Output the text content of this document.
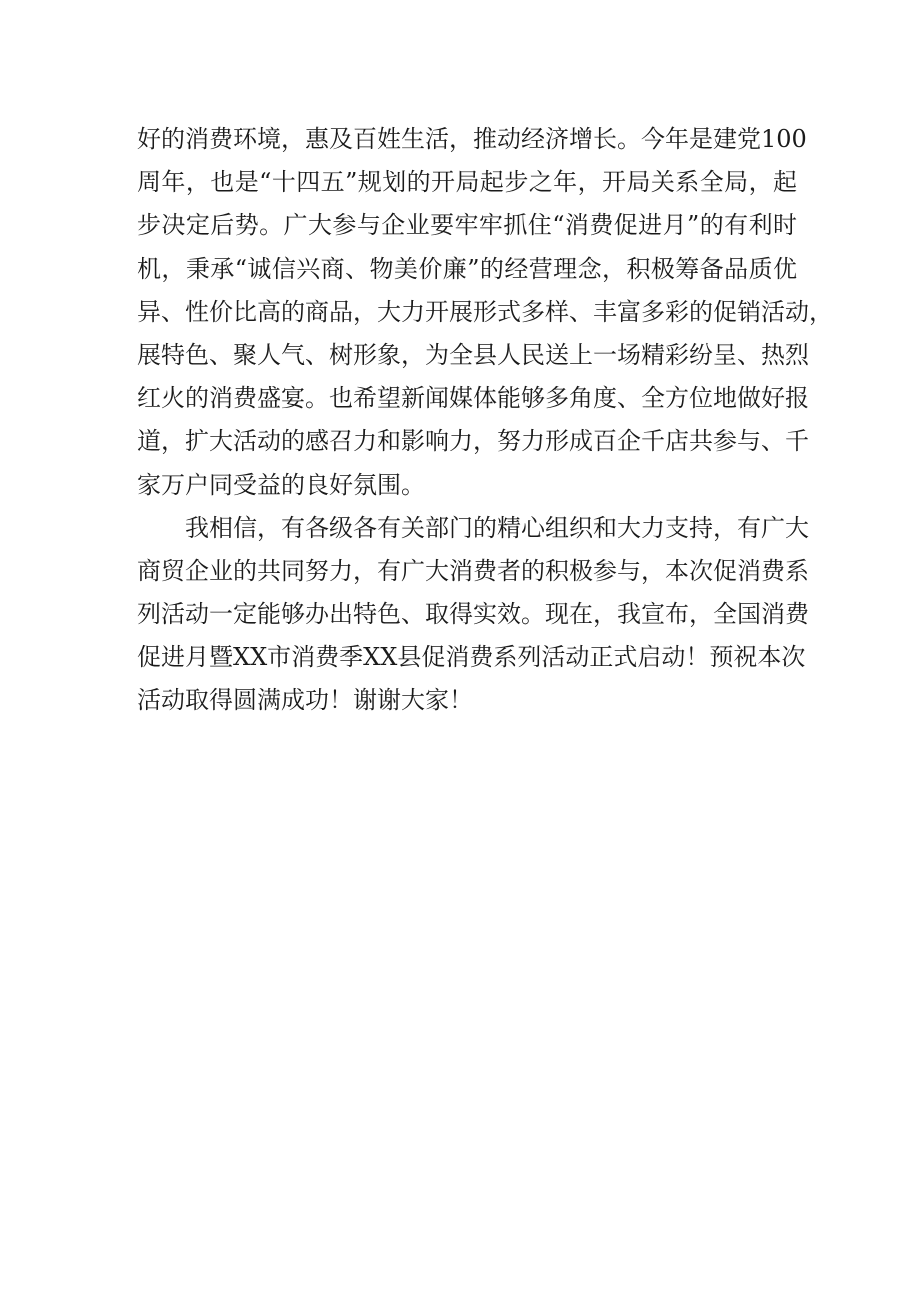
好的消费环境，惠及百姓生活，推动经济增长。今年是建党100
周年，也是“十四五”规划的开局起步之年，开局关系全局，起
步决定后势。广大参与企业要牢牢抓住“消费促进月”的有利时
机，秉承“诚信兴商、物美价廉”的经营理念，积极筹备品质优
异、性价比高的商品，大力开展形式多样、丰富多彩的促销活动，
展特色、聚人气、树形象，为全县人民送上一场精彩纷呈、热烈
红火的消费盛宴。也希望新闻媒体能够多角度、全方位地做好报
道，扩大活动的感召力和影响力，努力形成百企千店共参与、千
家万户同受益的良好氛围。
我相信，有各级各有关部门的精心组织和大力支持，有广大
商贸企业的共同努力，有广大消费者的积极参与，本次促消费系
列活动一定能够办出特色、取得实效。现在，我宣布，全国消费
促进月暨XX市消费季XX县促消费系列活动正式启动！预祝本次
活动取得圆满成功！谢谢大家！
